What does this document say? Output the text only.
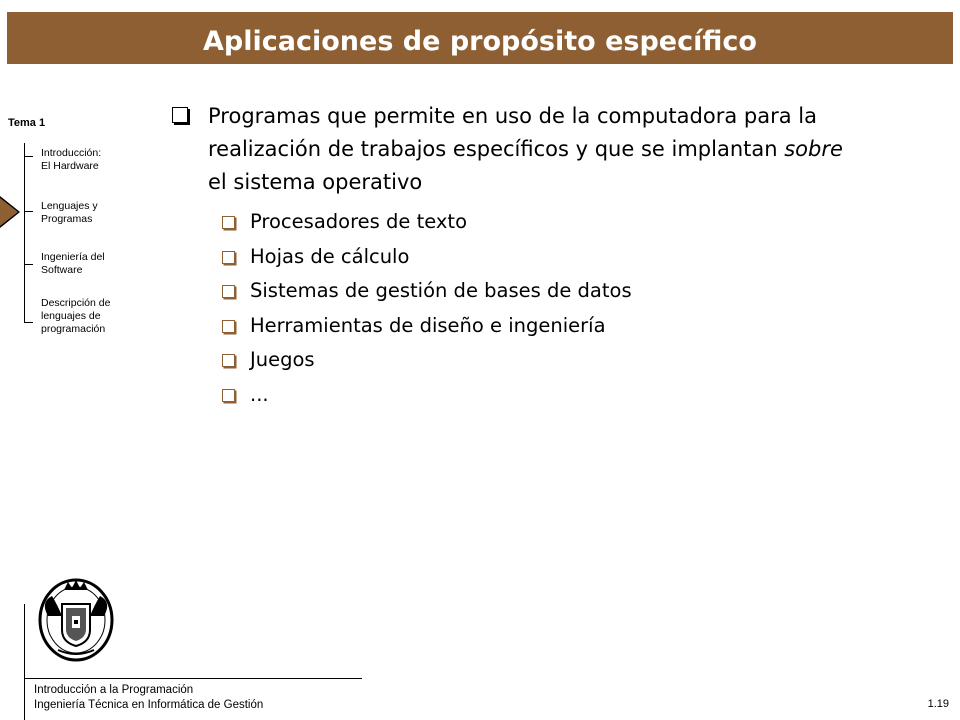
Aplicaciones de propósito específico
Tema 1
Introducción:
El Hardware
Lenguajes y
Programas
Ingeniería del
Software
Descripción de
lenguajes de
programación
Programas que permite en uso de la computadora para la
realización de trabajos específicos y que se implantan sobre
el sistema operativo
Procesadores de texto
Hojas de cálculo
Sistemas de gestión de bases de datos
Herramientas de diseño e ingeniería
Juegos
...
Introducción a la Programación
Ingeniería Técnica en Informática de Gestión	1.19
